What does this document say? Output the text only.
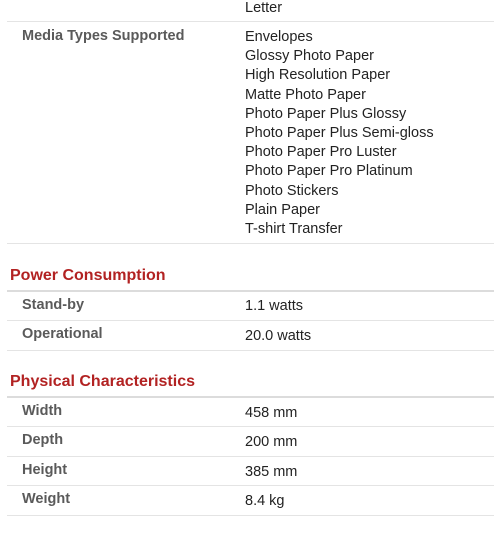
Letter
Media Types Supported	Envelopes
Glossy Photo Paper
High Resolution Paper
Matte Photo Paper
Photo Paper Plus Glossy
Photo Paper Plus Semi-gloss
Photo Paper Pro Luster
Photo Paper Pro Platinum
Photo Stickers
Plain Paper
T-shirt Transfer
Power Consumption
Stand-by	1.1 watts
Operational	20.0 watts
Physical Characteristics
Width	458 mm
Depth	200 mm
Height	385 mm
Weight	8.4 kg
